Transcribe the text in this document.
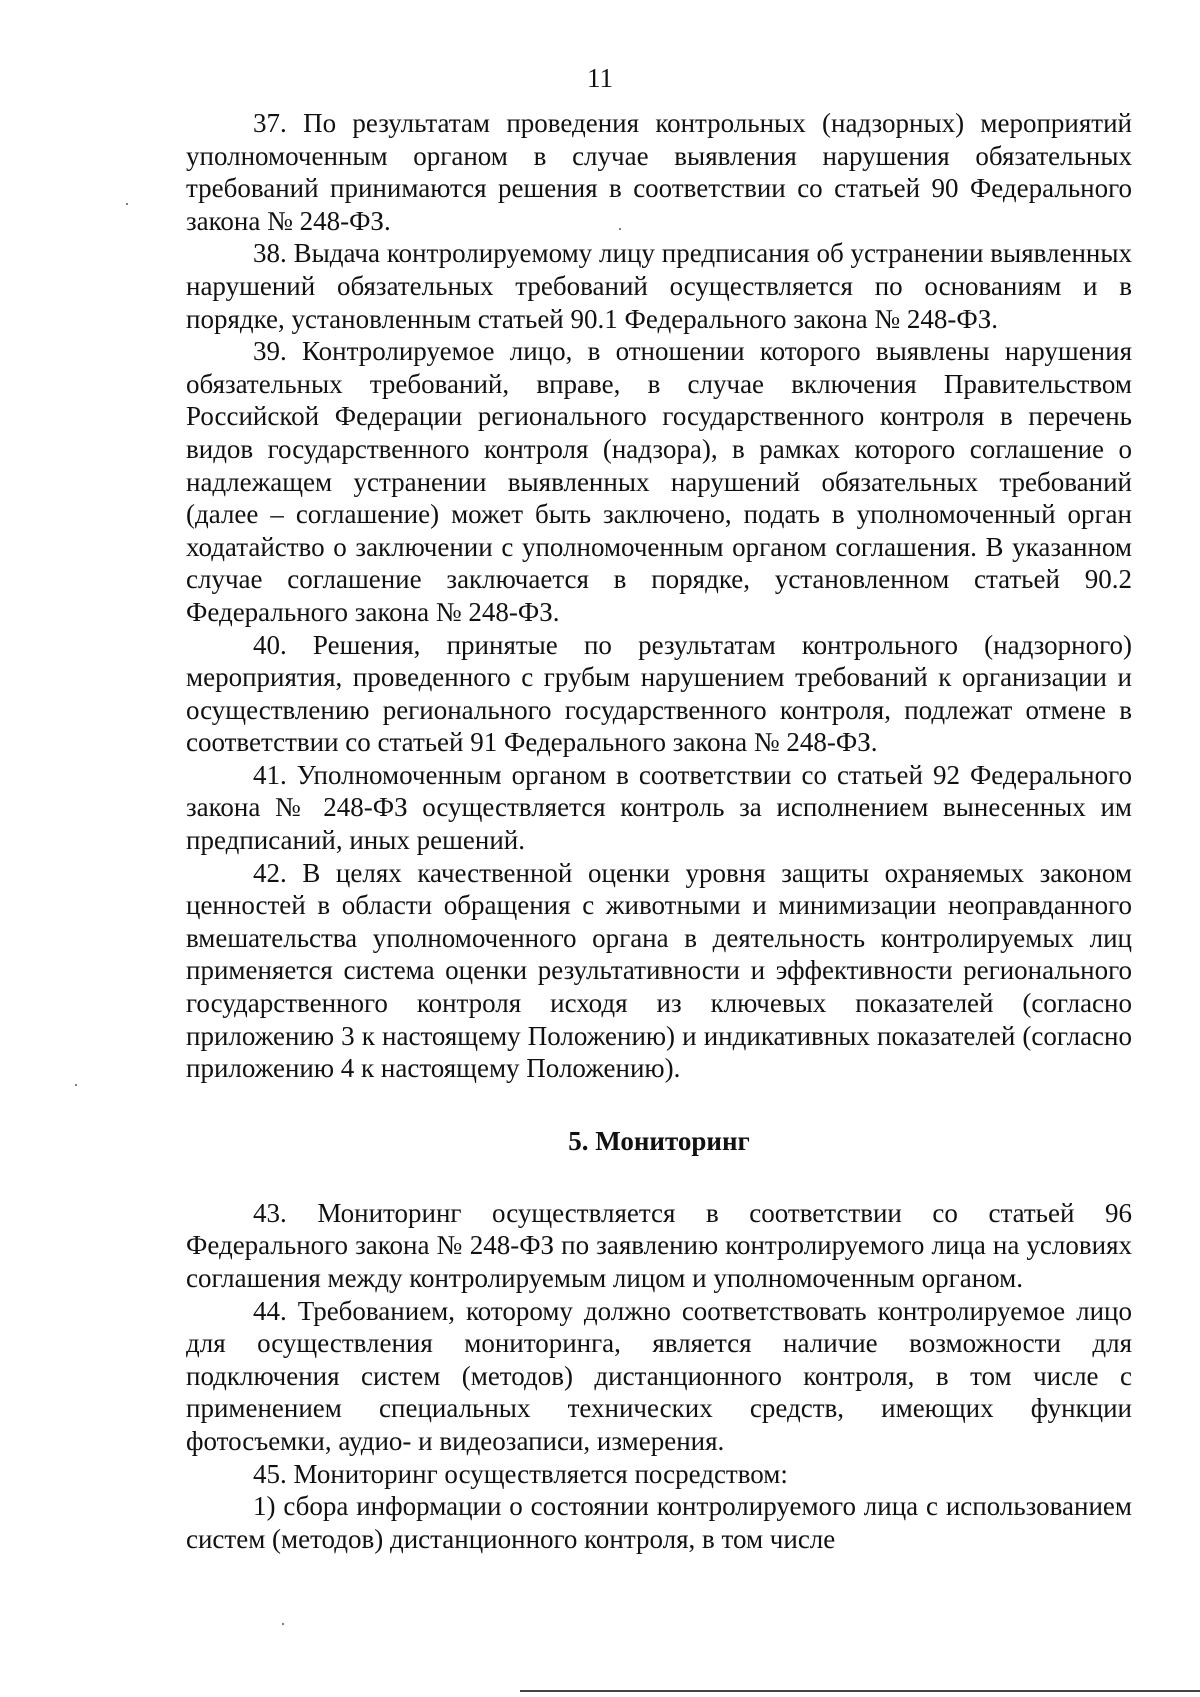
11

37. По результатам проведения контрольных (надзорных) мероприятий уполномоченным органом в случае выявления нарушения обязательных требований принимаются решения в соответствии со статьей 90 Федерального закона № 248-ФЗ.

38. Выдача контролируемому лицу предписания об устранении выявленных нарушений обязательных требований осуществляется по основаниям и в порядке, установленным статьей 90.1 Федерального закона № 248-ФЗ.

39. Контролируемое лицо, в отношении которого выявлены нарушения обязательных требований, вправе, в случае включения Правительством Российской Федерации регионального государственного контроля в перечень видов государственного контроля (надзора), в рамках которого соглашение о надлежащем устранении выявленных нарушений обязательных требований (далее – соглашение) может быть заключено, подать в уполномоченный орган ходатайство о заключении с уполномоченным органом соглашения. В указанном случае соглашение заключается в порядке, установленном статьей 90.2 Федерального закона № 248-ФЗ.

40. Решения, принятые по результатам контрольного (надзорного) мероприятия, проведенного с грубым нарушением требований к организации и осуществлению регионального государственного контроля, подлежат отмене в соответствии со статьей 91 Федерального закона № 248-ФЗ.

41. Уполномоченным органом в соответствии со статьей 92 Федерального закона № 248-ФЗ осуществляется контроль за исполнением вынесенных им предписаний, иных решений.

42. В целях качественной оценки уровня защиты охраняемых законом ценностей в области обращения с животными и минимизации неоправданного вмешательства уполномоченного органа в деятельность контролируемых лиц применяется система оценки результативности и эффективности регионального государственного контроля исходя из ключевых показателей (согласно приложению 3 к настоящему Положению) и индикативных показателей (согласно приложению 4 к настоящему Положению).

5. Мониторинг

43. Мониторинг осуществляется в соответствии со статьей 96 Федерального закона № 248-ФЗ по заявлению контролируемого лица на условиях соглашения между контролируемым лицом и уполномоченным органом.

44. Требованием, которому должно соответствовать контролируемое лицо для осуществления мониторинга, является наличие возможности для подключения систем (методов) дистанционного контроля, в том числе с применением специальных технических средств, имеющих функции фотосъемки, аудио- и видеозаписи, измерения.

45. Мониторинг осуществляется посредством:

1) сбора информации о состоянии контролируемого лица с использованием систем (методов) дистанционного контроля, в том числе
